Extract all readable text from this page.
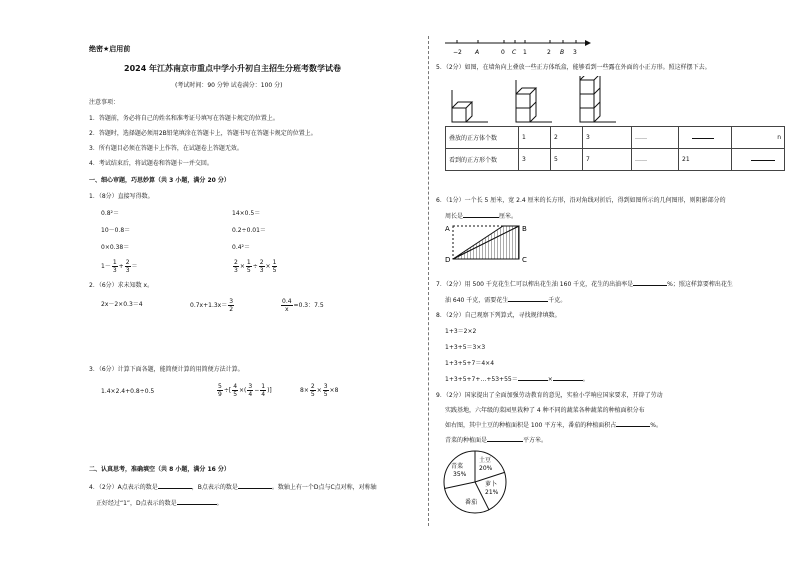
绝密★启用前
2024 年江苏南京市重点中学小升初自主招生分班考数学试卷
(考试时间：90 分钟 试卷满分：100 分)
注意事项：
1．答题前，务必将自己的姓名和准考证号填写在答题卡规定的位置上。
2．答题时，选择题必须用2B铅笔填涂在答题卡上，答题书写在答题卡规定的位置上。
3．所有题目必须在答题卡上作答，在试题卷上答题无效。
4．考试结束后，将试题卷和答题卡一并交回。
一、细心审题，巧思妙算（共 3 小题，满分 20 分）
1．（8分）直接写得数。
0.8²＝	14×0.5＝
10－0.8＝	0.2÷0.01＝
0×0.38＝	0.4²＝
$1- \frac{1}{3} + \frac{2}{3}$ ＝	$\frac{2}{3} \times \frac{1}{5} \div \frac{2}{3} \times \frac{1}{5}$
2．（6分）求未知数 x。
2x－2×0.3＝4	$0.7x+1.3x= \frac{3}{2}$	$\frac{0.4}{x} =0.3$：7.5
3．（6分）计算下面各题，能简便计算的用简便方法计算。
1.4×2.4+0.8÷0.5	$\frac{5}{9}$ ÷[ $\frac{4}{5}$ ×( $\frac{3}{4} - \frac{1}{4}$ )]	$8\times \frac{2}{5} \times \frac{3}{5} \times 8$
二、认真思考，准确填空（共 8 小题，满分 16 分）
4．（2分）A点表示的数是	，B点表示的数是	。数轴上有一个D点与C点对称，对称轴
正好经过“1”，D点表示的数是	。
−2 A	0 C 1	2 B 3
5．（2分）如图，在墙角向上叠放一些正方体纸盒，能够看到一些露在外面的小正方形。照这样摆下去。
叠放的正方体个数	1	2	3	……		n
看到的正方形个数	3	5	7	……	21	
6．（1分）一个长 5 厘米，宽 2.4 厘米的长方形，沿对角线对折后，得到如图所示的几何图形，则阴影部分的
周长是	厘米。
A	B
D	C
7．（2分）用 500 千克花生仁可以榨出花生油 160 千克，花生的出油率是	%；照这样算要榨出花生
油 640 千克，需要花生	千克。
8．（2分）自己观察下列算式，寻找规律填数。
1+3＝2×2
1+3+5＝3×3
1+3+5+7＝4×4
1+3+5+7+…+53+55＝	×	。
9．（2分）国家提出了全面加强劳动教育的意见，实验小学响应国家要求，开辟了劳动
实践基地，六年级的菜园里栽种了 4 种不同的蔬菜各种蔬菜的种植面积分布
如右图，其中土豆的种植面积是 100 平方米，番茄的种植面积占	%。
青菜的种植面是	平方米。
青菜
35%
土豆
20%
萝卜
21%
番茄
